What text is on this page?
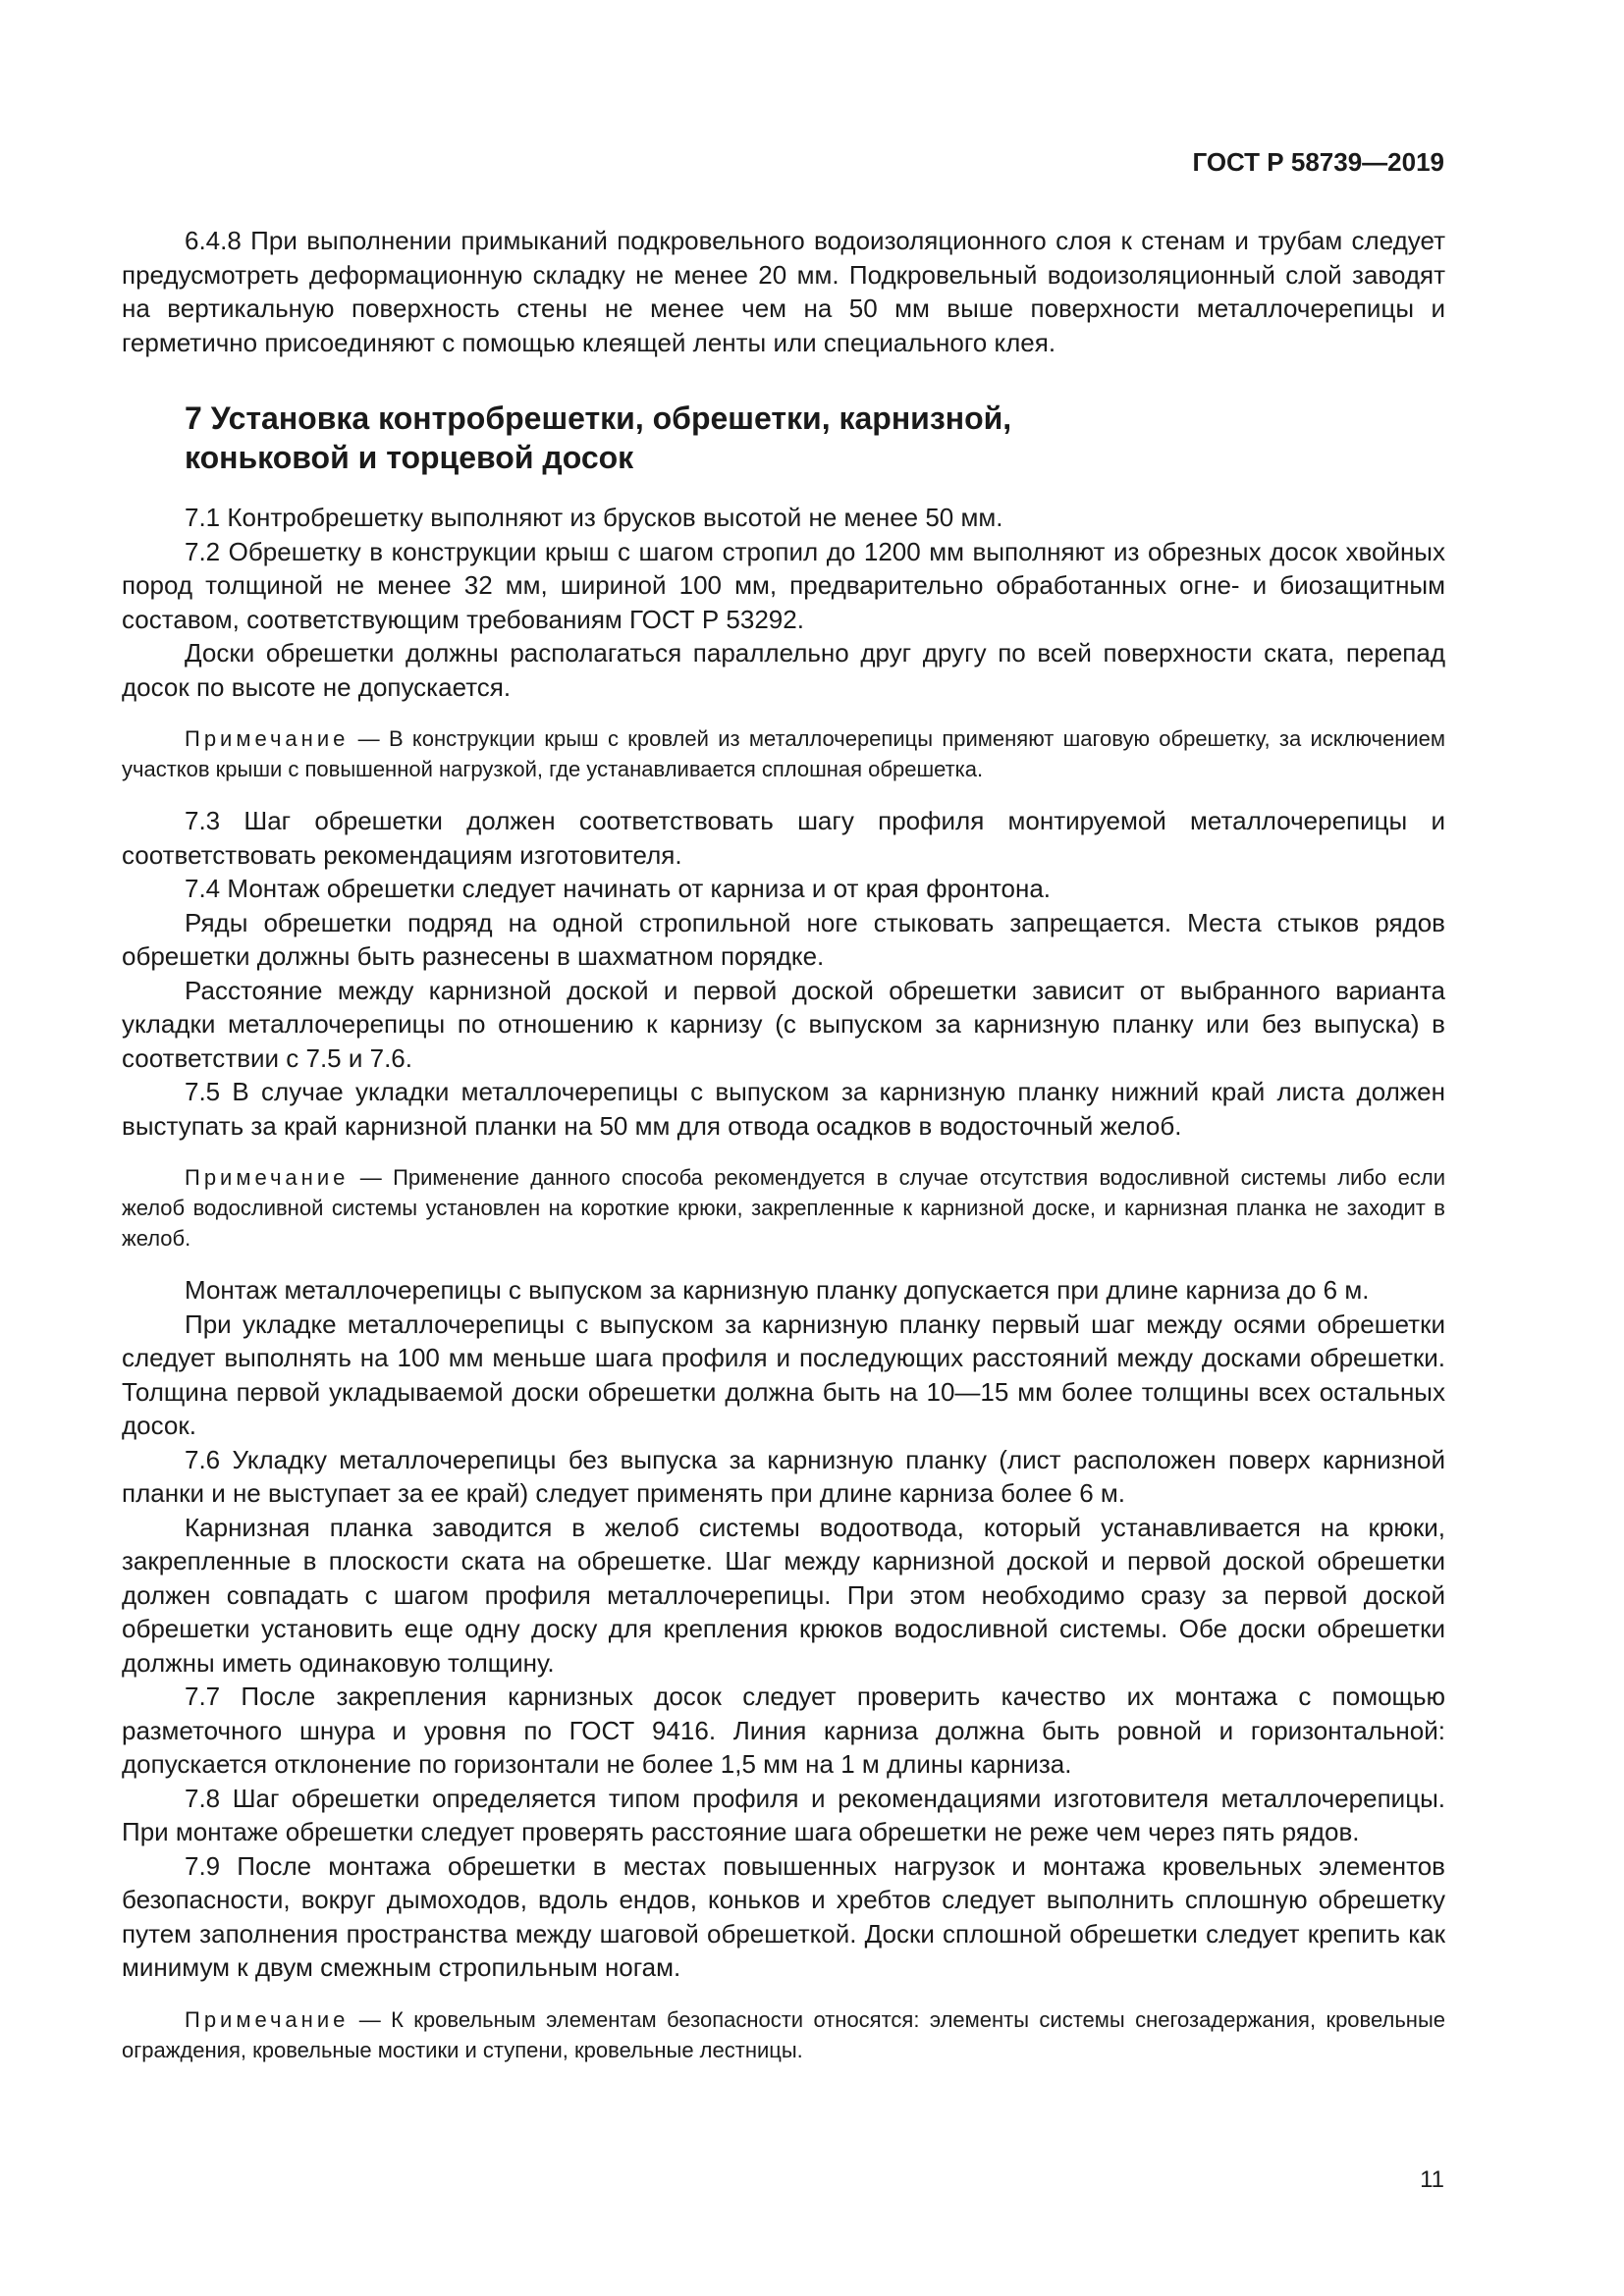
ГОСТ Р 58739—2019

6.4.8 При выполнении примыканий подкровельного водоизоляционного слоя к стенам и трубам следует предусмотреть деформационную складку не менее 20 мм. Подкровельный водоизоляционный слой заводят на вертикальную поверхность стены не менее чем на 50 мм выше поверхности металлочерепицы и герметично присоединяют с помощью клеящей ленты или специального клея.

7 Установка контробрешетки, обрешетки, карнизной,
коньковой и торцевой досок

7.1 Контробрешетку выполняют из брусков высотой не менее 50 мм.

7.2 Обрешетку в конструкции крыш с шагом стропил до 1200 мм выполняют из обрезных досок хвойных пород толщиной не менее 32 мм, шириной 100 мм, предварительно обработанных огне- и биозащитным составом, соответствующим требованиям ГОСТ Р 53292.

Доски обрешетки должны располагаться параллельно друг другу по всей поверхности ската, перепад досок по высоте не допускается.

Примечание — В конструкции крыш с кровлей из металлочерепицы применяют шаговую обрешетку, за исключением участков крыши с повышенной нагрузкой, где устанавливается сплошная обрешетка.

7.3 Шаг обрешетки должен соответствовать шагу профиля монтируемой металлочерепицы и соответствовать рекомендациям изготовителя.

7.4 Монтаж обрешетки следует начинать от карниза и от края фронтона.

Ряды обрешетки подряд на одной стропильной ноге стыковать запрещается. Места стыков рядов обрешетки должны быть разнесены в шахматном порядке.

Расстояние между карнизной доской и первой доской обрешетки зависит от выбранного варианта укладки металлочерепицы по отношению к карнизу (с выпуском за карнизную планку или без выпуска) в соответствии с 7.5 и 7.6.

7.5 В случае укладки металлочерепицы с выпуском за карнизную планку нижний край листа должен выступать за край карнизной планки на 50 мм для отвода осадков в водосточный желоб.

Примечание — Применение данного способа рекомендуется в случае отсутствия водосливной системы либо если желоб водосливной системы установлен на короткие крюки, закрепленные к карнизной доске, и карнизная планка не заходит в желоб.

Монтаж металлочерепицы с выпуском за карнизную планку допускается при длине карниза до 6 м.

При укладке металлочерепицы с выпуском за карнизную планку первый шаг между осями обрешетки следует выполнять на 100 мм меньше шага профиля и последующих расстояний между досками обрешетки. Толщина первой укладываемой доски обрешетки должна быть на 10—15 мм более толщины всех остальных досок.

7.6 Укладку металлочерепицы без выпуска за карнизную планку (лист расположен поверх карнизной планки и не выступает за ее край) следует применять при длине карниза более 6 м.

Карнизная планка заводится в желоб системы водоотвода, который устанавливается на крюки, закрепленные в плоскости ската на обрешетке. Шаг между карнизной доской и первой доской обрешетки должен совпадать с шагом профиля металлочерепицы. При этом необходимо сразу за первой доской обрешетки установить еще одну доску для крепления крюков водосливной системы. Обе доски обрешетки должны иметь одинаковую толщину.

7.7 После закрепления карнизных досок следует проверить качество их монтажа с помощью разметочного шнура и уровня по ГОСТ 9416. Линия карниза должна быть ровной и горизонтальной: допускается отклонение по горизонтали не более 1,5 мм на 1 м длины карниза.

7.8 Шаг обрешетки определяется типом профиля и рекомендациями изготовителя металлочерепицы. При монтаже обрешетки следует проверять расстояние шага обрешетки не реже чем через пять рядов.

7.9 После монтажа обрешетки в местах повышенных нагрузок и монтажа кровельных элементов безопасности, вокруг дымоходов, вдоль ендов, коньков и хребтов следует выполнить сплошную обрешетку путем заполнения пространства между шаговой обрешеткой. Доски сплошной обрешетки следует крепить как минимум к двум смежным стропильным ногам.

Примечание — К кровельным элементам безопасности относятся: элементы системы снегозадержания, кровельные ограждения, кровельные мостики и ступени, кровельные лестницы.

11
